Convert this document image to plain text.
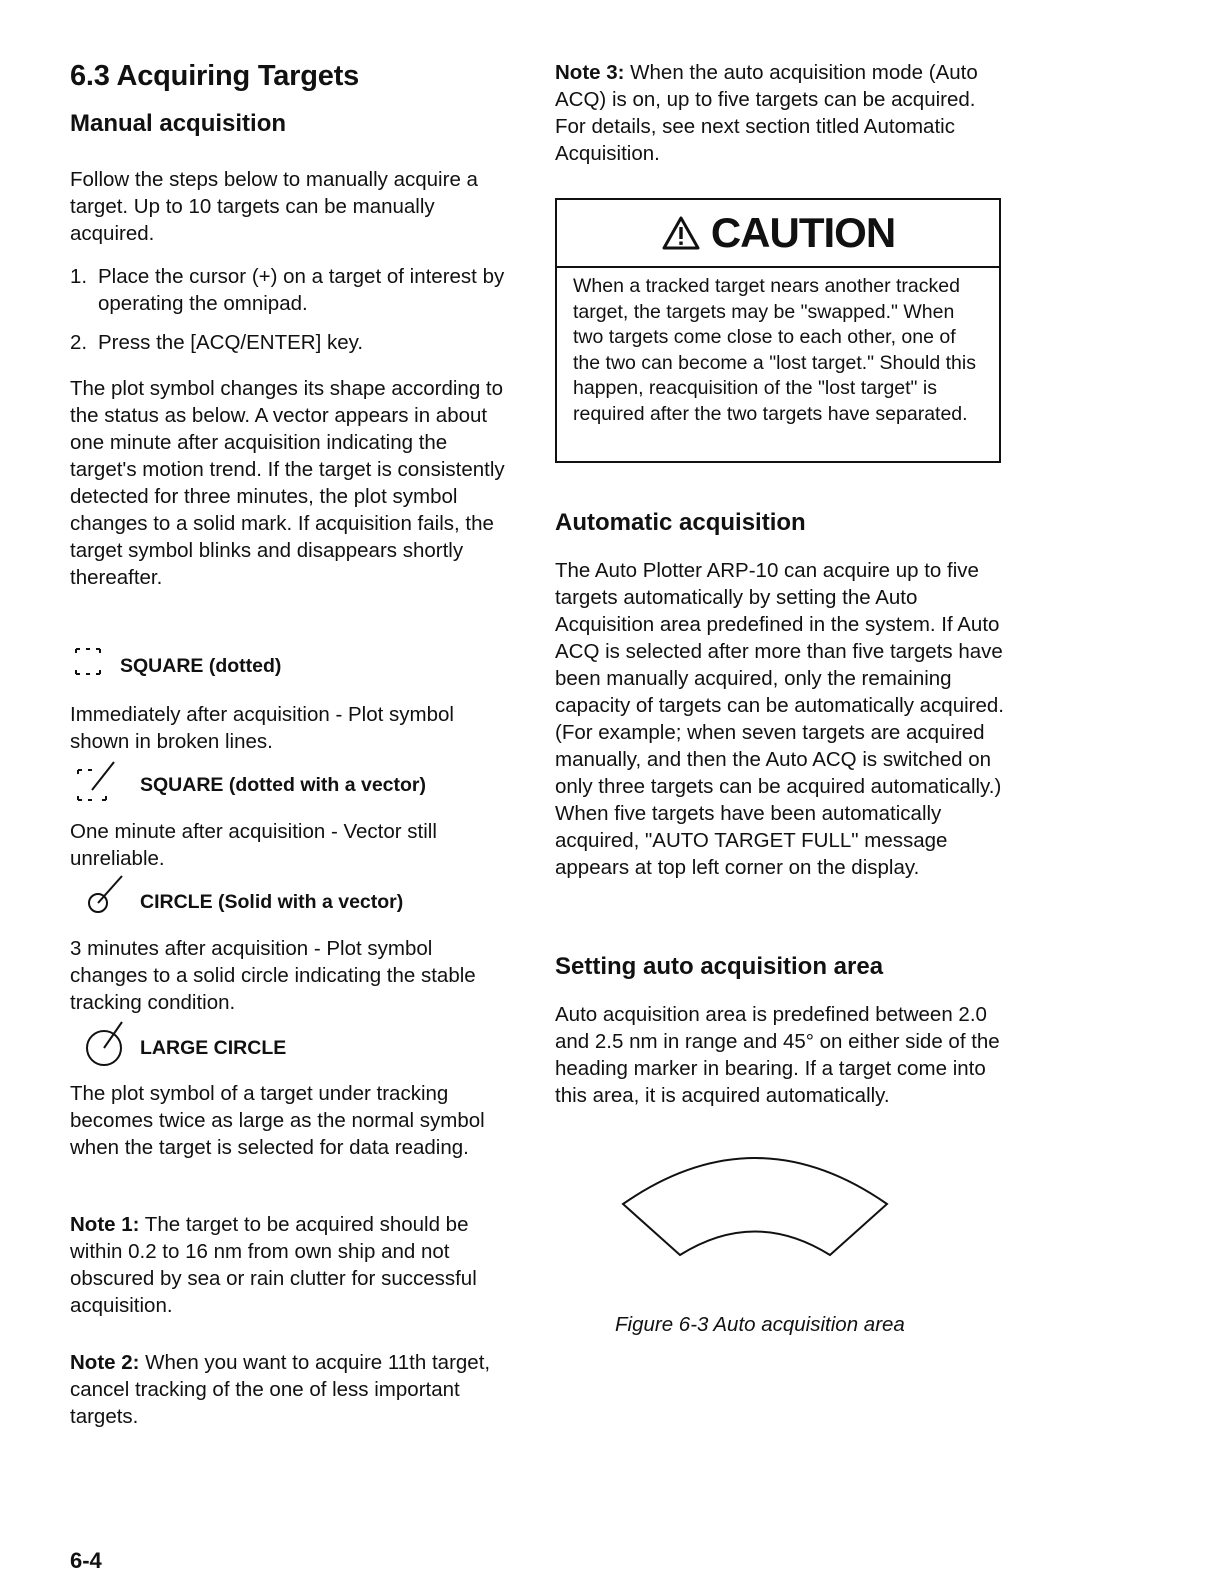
6.3 Acquiring Targets
Manual acquisition

Follow the steps below to manually acquire a target. Up to 10 targets can be manually acquired.

1. Place the cursor (+) on a target of interest by operating the omnipad.
2. Press the [ACQ/ENTER] key.

The plot symbol changes its shape according to the status as below. A vector appears in about one minute after acquisition indicating the target's motion trend. If the target is consistently detected for three minutes, the plot symbol changes to a solid mark. If acquisition fails, the target symbol blinks and disappears shortly thereafter.

SQUARE (dotted)

Immediately after acquisition - Plot symbol shown in broken lines.

SQUARE (dotted with a vector)

One minute after acquisition - Vector still unreliable.

CIRCLE (Solid with a vector)

3 minutes after acquisition - Plot symbol changes to a solid circle indicating the stable tracking condition.

LARGE CIRCLE

The plot symbol of a target under tracking becomes twice as large as the normal symbol when the target is selected for data reading.

Note 1: The target to be acquired should be within 0.2 to 16 nm from own ship and not obscured by sea or rain clutter for successful acquisition.

Note 2: When you want to acquire 11th target, cancel tracking of the one of less important targets.

Note 3: When the auto acquisition mode (Auto ACQ) is on, up to five targets can be acquired. For details, see next section titled Automatic Acquisition.

CAUTION

When a tracked target nears another tracked target, the targets may be "swapped." When two targets come close to each other, one of the two can become a "lost target." Should this happen, reacquisition of the "lost target" is required after the two targets have separated.

Automatic acquisition

The Auto Plotter ARP-10 can acquire up to five targets automatically by setting the Auto Acquisition area predefined in the system. If Auto ACQ is selected after more than five targets have been manually acquired, only the remaining capacity of targets can be automatically acquired. (For example; when seven targets are acquired manually, and then the Auto ACQ is switched on only three targets can be acquired automatically.) When five targets have been automatically acquired, "AUTO TARGET FULL" message appears at top left corner on the display.

Setting auto acquisition area

Auto acquisition area is predefined between 2.0 and 2.5 nm in range and 45° on either side of the heading marker in bearing. If a target come into this area, it is acquired automatically.

Figure 6-3 Auto acquisition area

6-4
